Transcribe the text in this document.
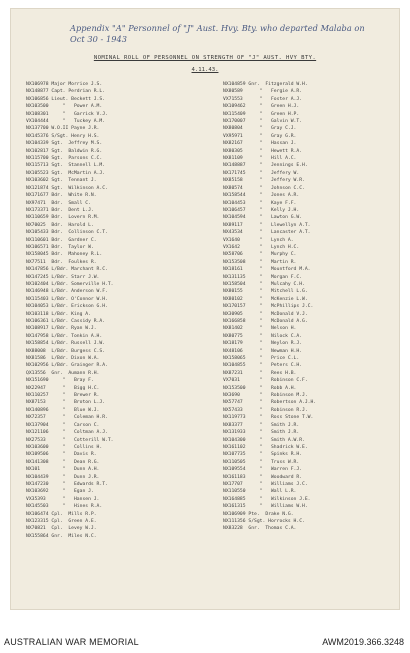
Appendix "A" Personnel of "J" Aust. Hvy. Bty. who departed Malaba on Oct 30 - 1943
NOMINAL ROLL OF PERSONNEL ON STRENGTH OF "J" AUST. HVY BTY.
4.11.43.
NX106978 Major Morrice J.S.
NX148877 Capt. Perdrian R.L.
NX106856 Lieut. Beckett J.S.
NX103500     "   Power A.M.
NX108301     "   Garrick V.J.
VX104444     "   Tuckey A.M.
NX137700 W.O.II Payne J.R.
NX145376 S/Sgt. Henry H.S.
NX104339 Sgt.  Jeffrey M.S.
NX102817 Sgt.  Baldwin R.G.
NX115700 Sgt.  Parsons C.C.
NX115713 Sgt.  Stannell L.M.
NX105523 Sgt.  McMartin A.J.
NX103602 Sgt.  Tennant J.
NX121874 Sgt.  Wilkinson A.C.
NX171677 Bdr.  White R.N.
NX97471  Bdr.  Small C.
NX173371 Bdr.  Dent L.J.
NX110659 Bdr.  Lovern R.M.
NX70025  Bdr.  Harold L.
NX105433 Bdr.  Collinson C.T.
NX110601 Bdr.  Gardner C.
NX106571 Bdr.  Taylor W.
NX158045 Bdr.  Mahoney R.L.
NX77511  Bdr.  Foulkes R.
NX147856 L/Bdr. Marchant R.C.
NX147245 L/Bdr. Starr J.W.
NX102404 L/Bdr. Somerville H.T.
NX146948 L/Bdr. Anderson W.F.
NX115403 L/Bdr. O'Connor W.H.
NX104053 L/Bdr. Erickson G.H.
NX103118 L/Bdr. King A.
NX106361 L/Bdr. Cassidy R.A.
NX108917 L/Bdr. Ryan W.J.
NX147958 L/Bdr. Tonkin A.H.
NX158854 L/Bdr. Russell J.W.
NX88008  L/Bdr. Burgess C.S.
NX81586  L/Bdr. Dixon W.A.
NX102956 L/Bdr. Grainger R.A.
QX13556  Gnr.  Aumann R.H.
NX151690     "   Bray F.
NX22947      "   Bigg H.C.
NX110257     "   Brewer R.
NX87153      "   Broton L.J.
NX140896     "   Blue W.J.
NX72357      "   Coleman H.R.
NX137904     "   Carson C.
NX121106     "   Coltman A.J.
NX27533      "   Cotterill W.T.
NX103600     "   Collins H.
NX109506     "   Davis R.
NX141308     "   Dean R.G.
NX101        "   Dunn A.H.
NX104439     "   Dunn J.R.
NX147230     "   Edwards R.T.
NX103692     "   Egan J.
VX35393      "   Hansen J.
NX145503     "   Hines R.A.
NX106474 Cpl.  Mills R.P.
NX123315 Cpl.  Green A.E.
NX70821  Cpl.  Levey W.J.
NX155864 Gnr.  Miles N.C.
NX104859 Gnr.  Fitzgerald W.H.
NX80589      "   Fergie A.R.
VX71553      "   Foster A.J.
NX109462     "   Green H.J.
NX115409     "   Green H.P.
NX170007     "   Galvin W.T.
NX80804      "   Gray C.J.
VX95971      "   Gray G.R.
NX82167      "   Hassan J.
NX80305      "   Hewett R.A.
NX81109      "   Hill A.C.
NX148887     "   Jennings E.H.
NX171745     "   Jeffery W.
NX85158      "   Jeffery W.R.
NX80574      "   Johnson C.C.
NX158544     "   Jones A.R.
NX104453     "   Kaye F.F.
NX106457     "   Kelly J.H.
NX104594     "   Lawton G.W.
NX89117      "   Llewellyn A.T.
NX43534      "   Lancaster A.T.
VX1640       "   Lynch A.
VX1642       "   Lynch H.C.
NX58706      "   Murphy C.
NX153508     "   Martin R.
NX18161      "   Mountford M.A.
NX131135     "   Morgan F.C.
NX158504     "   Mulcahy C.H.
NX80155      "   Mitchell L.G.
NX80102      "   McKenzie L.W.
NX170157     "   McPhillips J.C.
NX30905      "   McDonald V.J.
NX166858     "   McDonald A.G.
NX81402      "   Nelson H.
NX80775      "   Nilock C.A.
NX18179      "   Neylon R.J.
NX48106      "   Newman H.H.
NX158065     "   Price C.L.
NX104855     "   Peters C.H.
NX87231      "   Rees H.B.
VX7031       "   Robinson C.F.
NX153500     "   Robb A.H.
NX3690       "   Robinson M.J.
NX57747      "   Robertson A.J.H.
NX57433      "   Robinson R.J.
NX119773     "   Ross Stone T.W.
NX83377      "   Smith J.R.
NX131933     "   Smith J.R.
NX104300     "   Smith A.W.R.
NX161102     "   Shadrick W.E.
NX107735     "   Spinks R.H.
NX110505     "   Truss W.R.
NX109554     "   Warren F.J.
NX161183     "   Woodward R.
NX17707      "   Williams J.C.
NX110550     "   Wall L.R.
NX164885     "   Wilkinson J.E.
NX161315     "   Williams W.H.
NX106909 Pte.  Drake N.G.
NX111356 S/Sgt. Horrocks H.C.
NX83228  Gnr.  Thomas C.A.
AUSTRALIAN WAR MEMORIAL	AWM2019.366.3248
